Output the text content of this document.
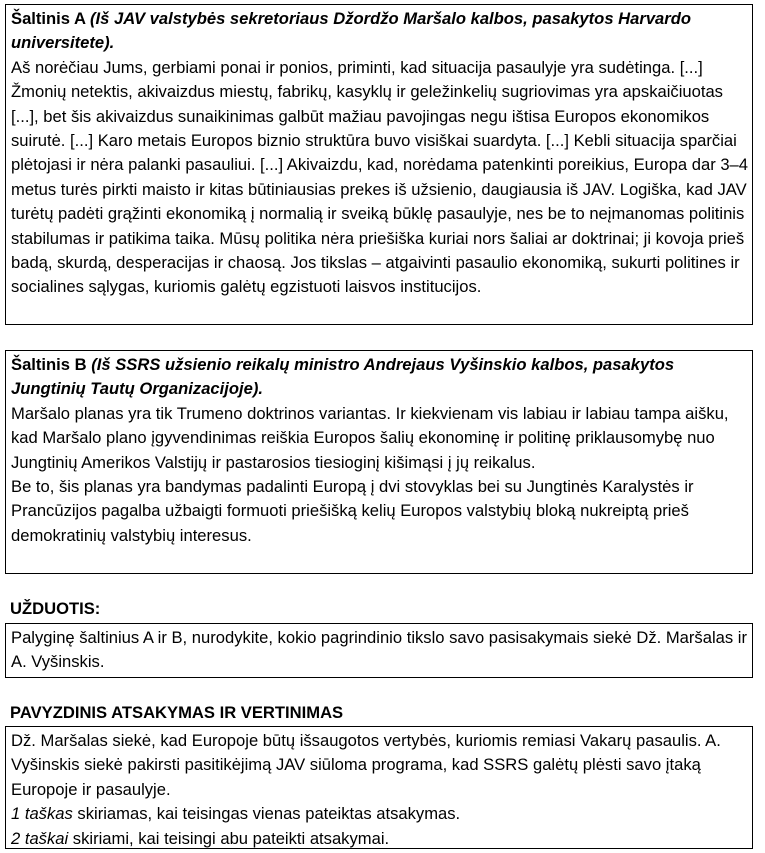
Šaltinis A (Iš JAV valstybės sekretoriaus Džordžo Maršalo kalbos, pasakytos Harvardo universitete).

Aš norėčiau Jums, gerbiami ponai ir ponios, priminti, kad situacija pasaulyje yra sudėtinga. [...] Žmonių netektis, akivaizdus miestų, fabrikų, kasyklų ir geležinkelių sugriovimas yra apskaičiuotas [...], bet šis akivaizdus sunaikinimas galbūt mažiau pavojingas negu ištisa Europos ekonomikos suirutė. [...] Karo metais Europos biznio struktūra buvo visiškai suardyta. [...] Kebli situacija sparčiai plėtojasi ir nėra palanki pasauliui. [...] Akivaizdu, kad, norėdama patenkinti poreikius, Europa dar 3–4 metus turės pirkti maisto ir kitas būtiniausias prekes iš užsienio, daugiausia iš JAV. Logiška, kad JAV turėtų padėti grąžinti ekonomiką į normalią ir sveiką būklę pasaulyje, nes be to neįmanomas politinis stabilumas ir patikima taika. Mūsų politika nėra priešiška kuriai nors šaliai ar doktrinai; ji kovoja prieš badą, skurdą, desperacijas ir chaosą. Jos tikslas – atgaivinti pasaulio ekonomiką, sukurti politines ir socialines sąlygas, kuriomis galėtų egzistuoti laisvos institucijos.

Šaltinis B (Iš SSRS užsienio reikalų ministro Andrejaus Vyšinskio kalbos, pasakytos Jungtinių Tautų Organizacijoje).

Maršalo planas yra tik Trumeno doktrinos variantas. Ir kiekvienam vis labiau ir labiau tampa aišku, kad Maršalo plano įgyvendinimas reiškia Europos šalių ekonominę ir politinę priklausomybę nuo Jungtinių Amerikos Valstijų ir pastarosios tiesioginį kišimąsi į jų reikalus.

Be to, šis planas yra bandymas padalinti Europą į dvi stovyklas bei su Jungtinės Karalystės ir Prancūzijos pagalba užbaigti formuoti priešišką kelių Europos valstybių bloką nukreiptą prieš demokratinių valstybių interesus.

UŽDUOTIS:

Palyginę šaltinius A ir B, nurodykite, kokio pagrindinio tikslo savo pasisakymais siekė Dž. Maršalas ir A. Vyšinskis.

PAVYZDINIS ATSAKYMAS IR VERTINIMAS

Dž. Maršalas siekė, kad Europoje būtų išsaugotos vertybės, kuriomis remiasi Vakarų pasaulis. A. Vyšinskis siekė pakirsti pasitikėjimą JAV siūloma programa, kad SSRS galėtų plėsti savo įtaką Europoje ir pasaulyje.

1 taškas skiriamas, kai teisingas vienas pateiktas atsakymas.

2 taškai skiriami, kai teisingi abu pateikti atsakymai.
